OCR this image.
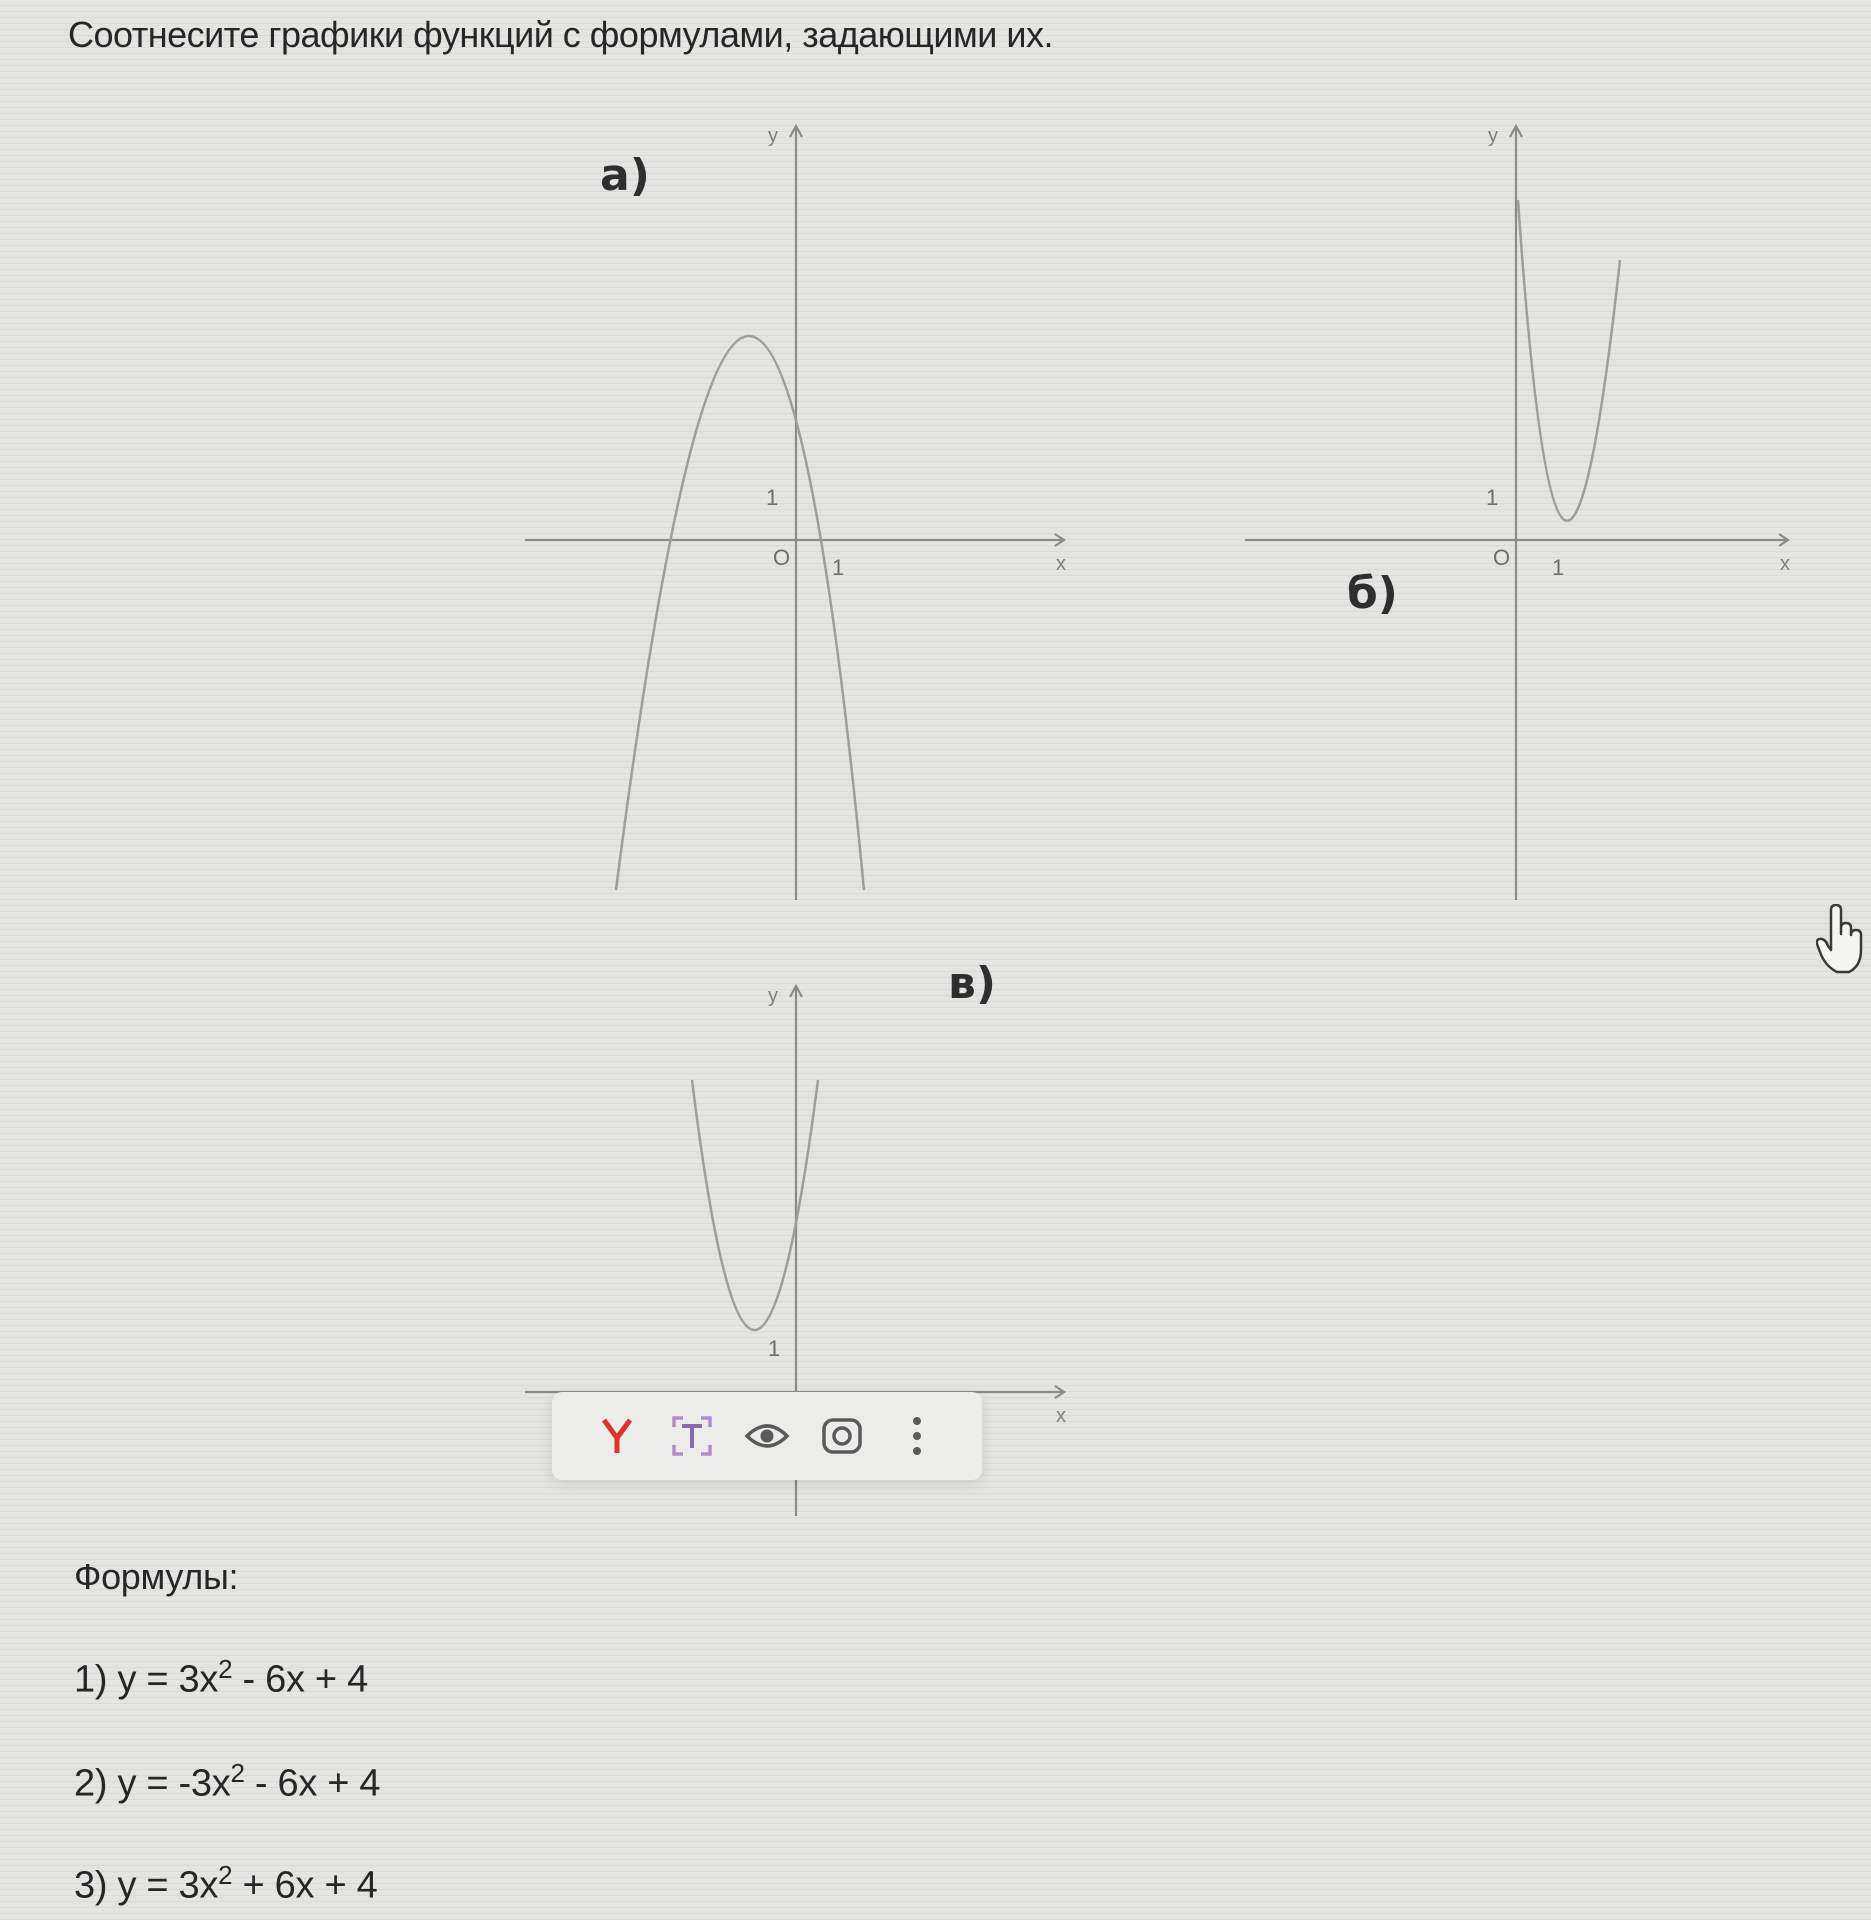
Соотнесите графики функций с формулами, задающими их.
y
x
O 1
1
а)
y
x
O 1
1
б)
y
x
1
в)
Формулы:
1) $y = 3x^2 - 6x + 4$
2) $y = -3x^2 - 6x + 4$
3) $y = 3x^2 + 6x + 4$
